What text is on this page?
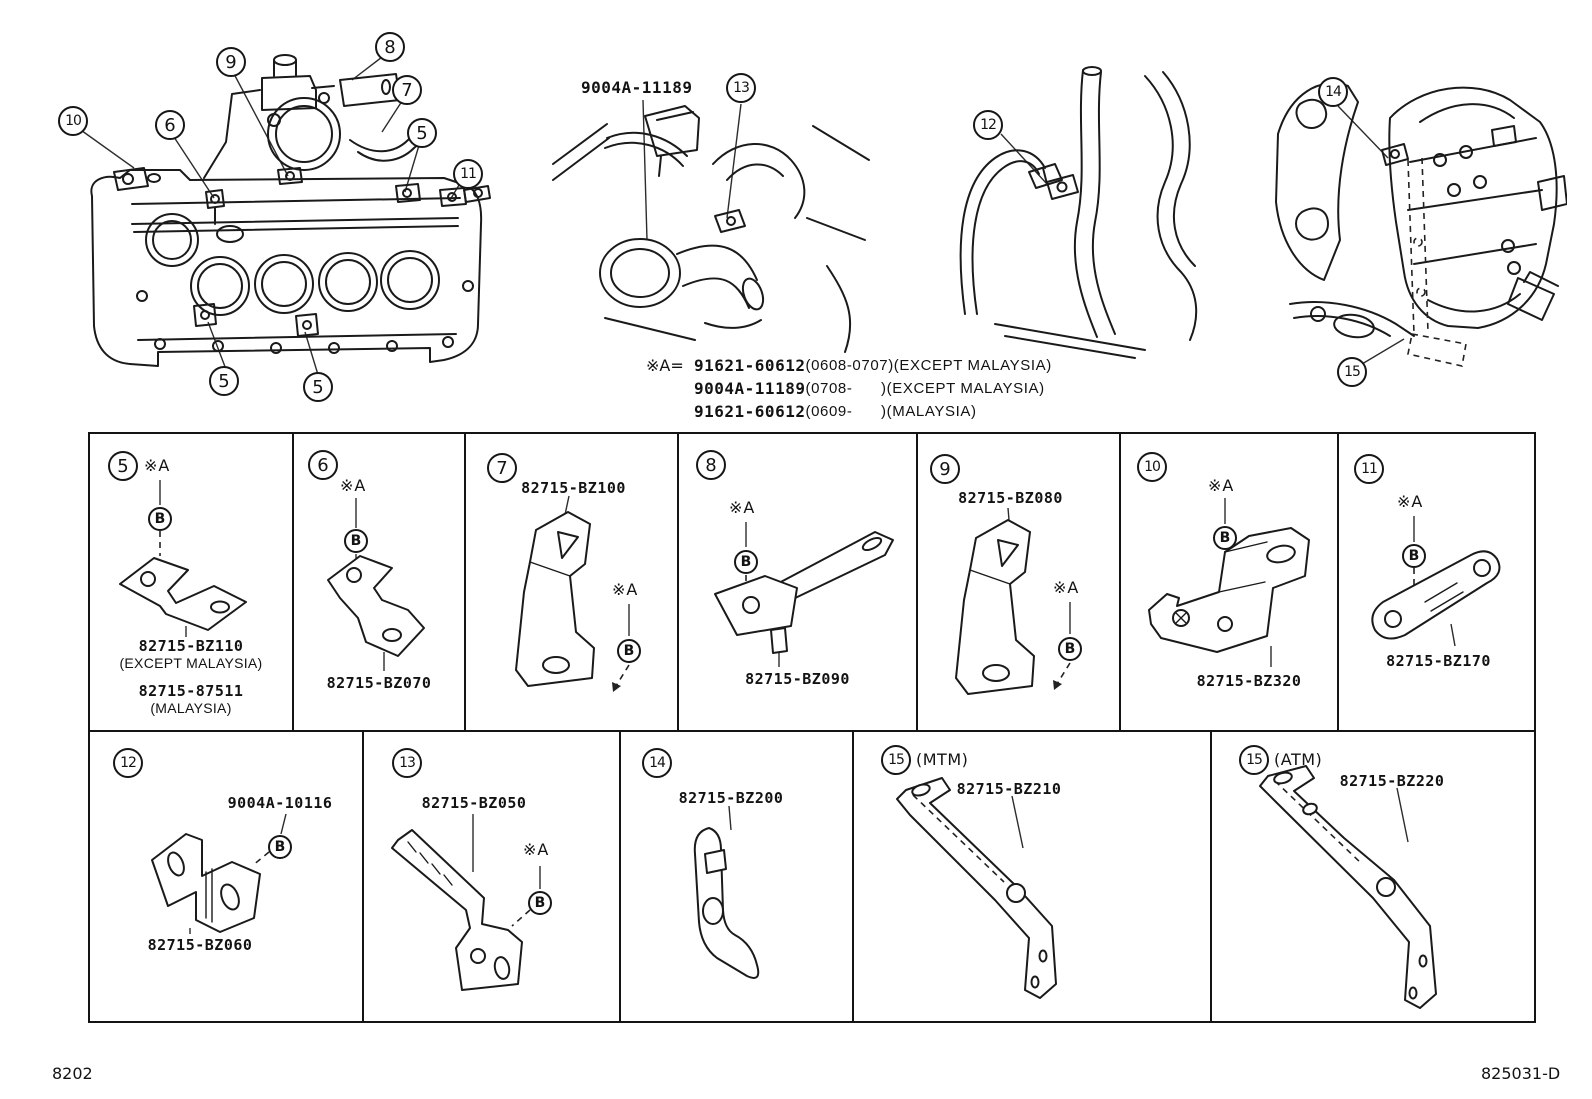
10	6
9
8
7
5
11
5	5
13
12
14
15
9004A-11189
※A= 91621-60612 (0608-0707) (EXCEPT MALAYSIA)
9004A-11189 (0708-      ) (EXCEPT MALAYSIA)
91621-60612 (0609-      ) (MALAYSIA)
5 ※A
B
82715-BZ110
(EXCEPT MALAYSIA)
82715-87511
(MALAYSIA)
6
※A
B
82715-BZ070
7
82715-BZ100
※A
B
8
※A
B
82715-BZ090
9
82715-BZ080
※A
B
10
※A
B
82715-BZ320
11
※A
B
82715-BZ170
12
9004A-10116
B
82715-BZ060
13
82715-BZ050
※A
B
14
82715-BZ200
15 (MTM)
82715-BZ210
15 (ATM)
82715-BZ220
8202	825031-D
